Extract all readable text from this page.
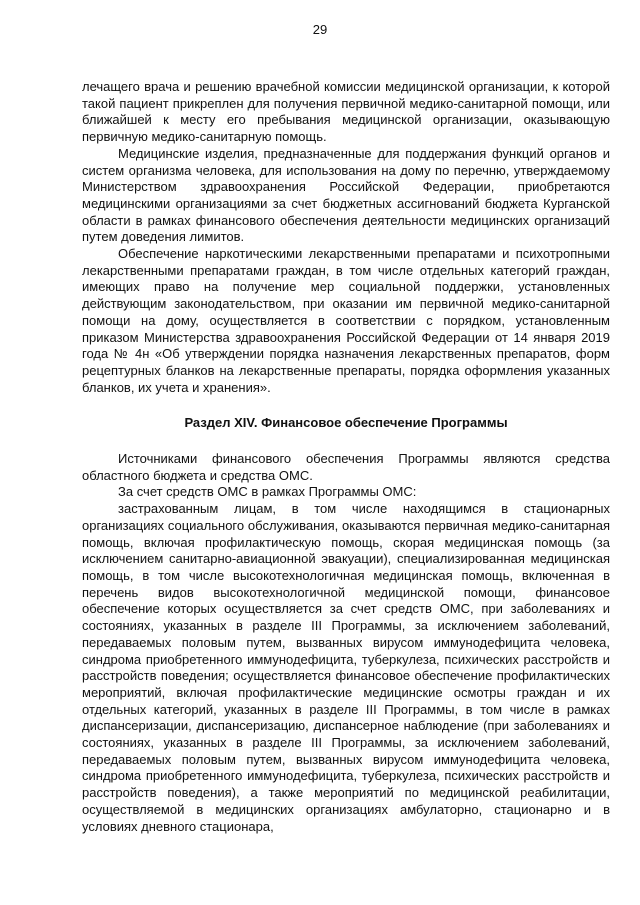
29

лечащего врача и решению врачебной комиссии медицинской организации, к которой такой пациент прикреплен для получения первичной медико-санитарной помощи, или ближайшей к месту его пребывания медицинской организации, оказывающую первичную медико-санитарную помощь.

Медицинские изделия, предназначенные для поддержания функций органов и систем организма человека, для использования на дому по перечню, утверждаемому Министерством здравоохранения Российской Федерации, приобретаются медицинскими организациями за счет бюджетных ассигнований бюджета Курганской области в рамках финансового обеспечения деятельности медицинских организаций путем доведения лимитов.

Обеспечение наркотическими лекарственными препаратами и психотропными лекарственными препаратами граждан, в том числе отдельных категорий граждан, имеющих право на получение мер социальной поддержки, установленных действующим законодательством, при оказании им первичной медико-санитарной помощи на дому, осуществляется в соответствии с порядком, установленным приказом Министерства здравоохранения Российской Федерации от 14 января 2019 года № 4н «Об утверждении порядка назначения лекарственных препаратов, форм рецептурных бланков на лекарственные препараты, порядка оформления указанных бланков, их учета и хранения».

Раздел XIV. Финансовое обеспечение Программы

Источниками финансового обеспечения Программы являются средства областного бюджета и средства ОМС.

За счет средств ОМС в рамках Программы ОМС:

застрахованным лицам, в том числе находящимся в стационарных организациях социального обслуживания, оказываются первичная медико-санитарная помощь, включая профилактическую помощь, скорая медицинская помощь (за исключением санитарно-авиационной эвакуации), специализированная медицинская помощь, в том числе высокотехнологичная медицинская помощь, включенная в перечень видов высокотехнологичной медицинской помощи, финансовое обеспечение которых осуществляется за счет средств ОМС, при заболеваниях и состояниях, указанных в разделе III Программы, за исключением заболеваний, передаваемых половым путем, вызванных вирусом иммунодефицита человека, синдрома приобретенного иммунодефицита, туберкулеза, психических расстройств и расстройств поведения; осуществляется финансовое обеспечение профилактических мероприятий, включая профилактические медицинские осмотры граждан и их отдельных категорий, указанных в разделе III Программы, в том числе в рамках диспансеризации, диспансеризацию, диспансерное наблюдение (при заболеваниях и состояниях, указанных в разделе III Программы, за исключением заболеваний, передаваемых половым путем, вызванных вирусом иммунодефицита человека, синдрома приобретенного иммунодефицита, туберкулеза, психических расстройств и расстройств поведения), а также мероприятий по медицинской реабилитации, осуществляемой в медицинских организациях амбулаторно, стационарно и в условиях дневного стационара,
